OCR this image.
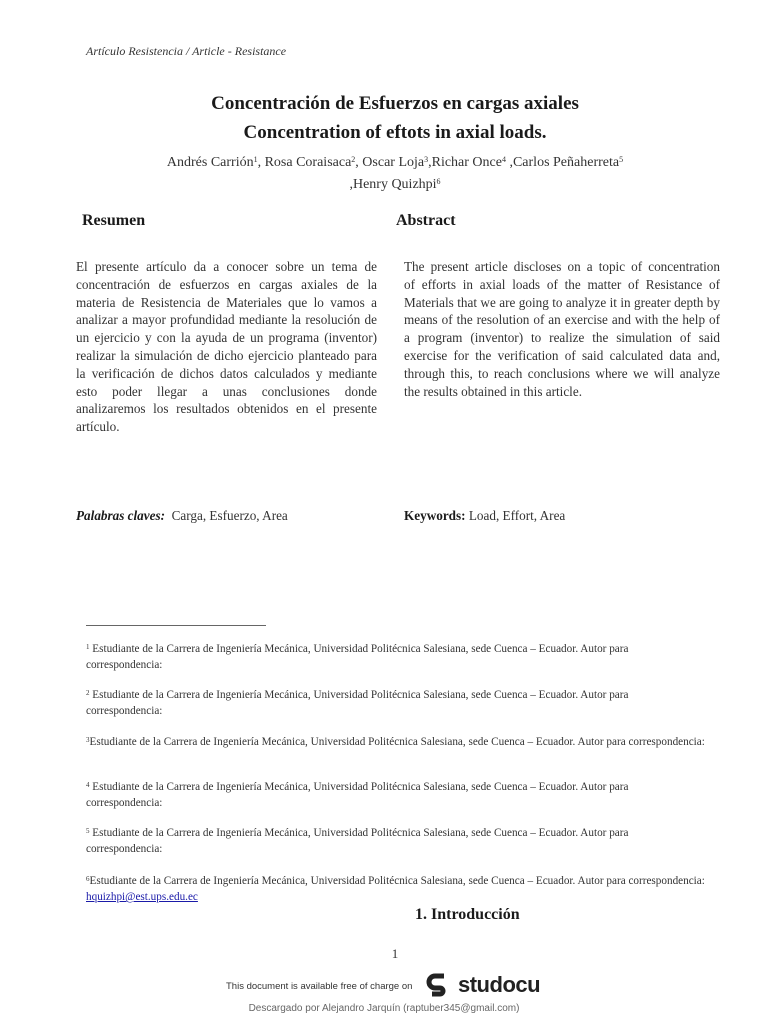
Artículo Resistencia / Article - Resistance
Concentración de Esfuerzos en cargas axiales
Concentration of eftots in axial loads.
Andrés Carrión$^1$, Rosa Coraisaca$^2$, Oscar Loja$^3$,Richar Once$^4$ ,Carlos Peñaherreta$^5$ ,Henry Quizhpi$^6$
Resumen	Abstract
El presente artículo da a conocer sobre un tema de concentración de esfuerzos en cargas axiales de la materia de Resistencia de Materiales que lo vamos a analizar a mayor profundidad mediante la resolución de un ejercicio y con la ayuda de un programa (inventor) realizar la simulación de dicho ejercicio planteado para la verificación de dichos datos calculados y mediante esto poder llegar a unas conclusiones donde analizaremos los resultados obtenidos en el presente artículo.
The present article discloses on a topic of concentration      of efforts in axial loads of the matter of Resistance of Materials that we are going to analyze it in greater depth by means of the resolution of an exercise and with the help of a program (inventor) to realize the simulation of said exercise for the verification of said calculated data and, through this, to reach conclusions where we will analyze the results obtained in this article.
Palabras claves: Carga, Esfuerzo, Area	Keywords: Load, Effort, Area
$^1$ Estudiante de la Carrera de Ingeniería Mecánica, Universidad Politécnica Salesiana, sede Cuenca – Ecuador. Autor para correspondencia:
$^2$ Estudiante de la Carrera de Ingeniería Mecánica, Universidad Politécnica Salesiana, sede Cuenca – Ecuador. Autor para correspondencia:
$^3$Estudiante de la Carrera de Ingeniería Mecánica, Universidad Politécnica Salesiana, sede Cuenca – Ecuador. Autor para correspondencia:
$^4$ Estudiante de la Carrera de Ingeniería Mecánica, Universidad Politécnica Salesiana, sede Cuenca – Ecuador. Autor para correspondencia:
$^5$ Estudiante de la Carrera de Ingeniería Mecánica, Universidad Politécnica Salesiana, sede Cuenca – Ecuador. Autor para correspondencia:
$^6$Estudiante de la Carrera de Ingeniería Mecánica, Universidad Politécnica Salesiana, sede Cuenca – Ecuador. Autor para correspondencia: hquizhpi@est.ups.edu.ec
1. Introducción
1
This document is available free of charge on studocu
Descargado por Alejandro Jarquín (raptuber345@gmail.com)
